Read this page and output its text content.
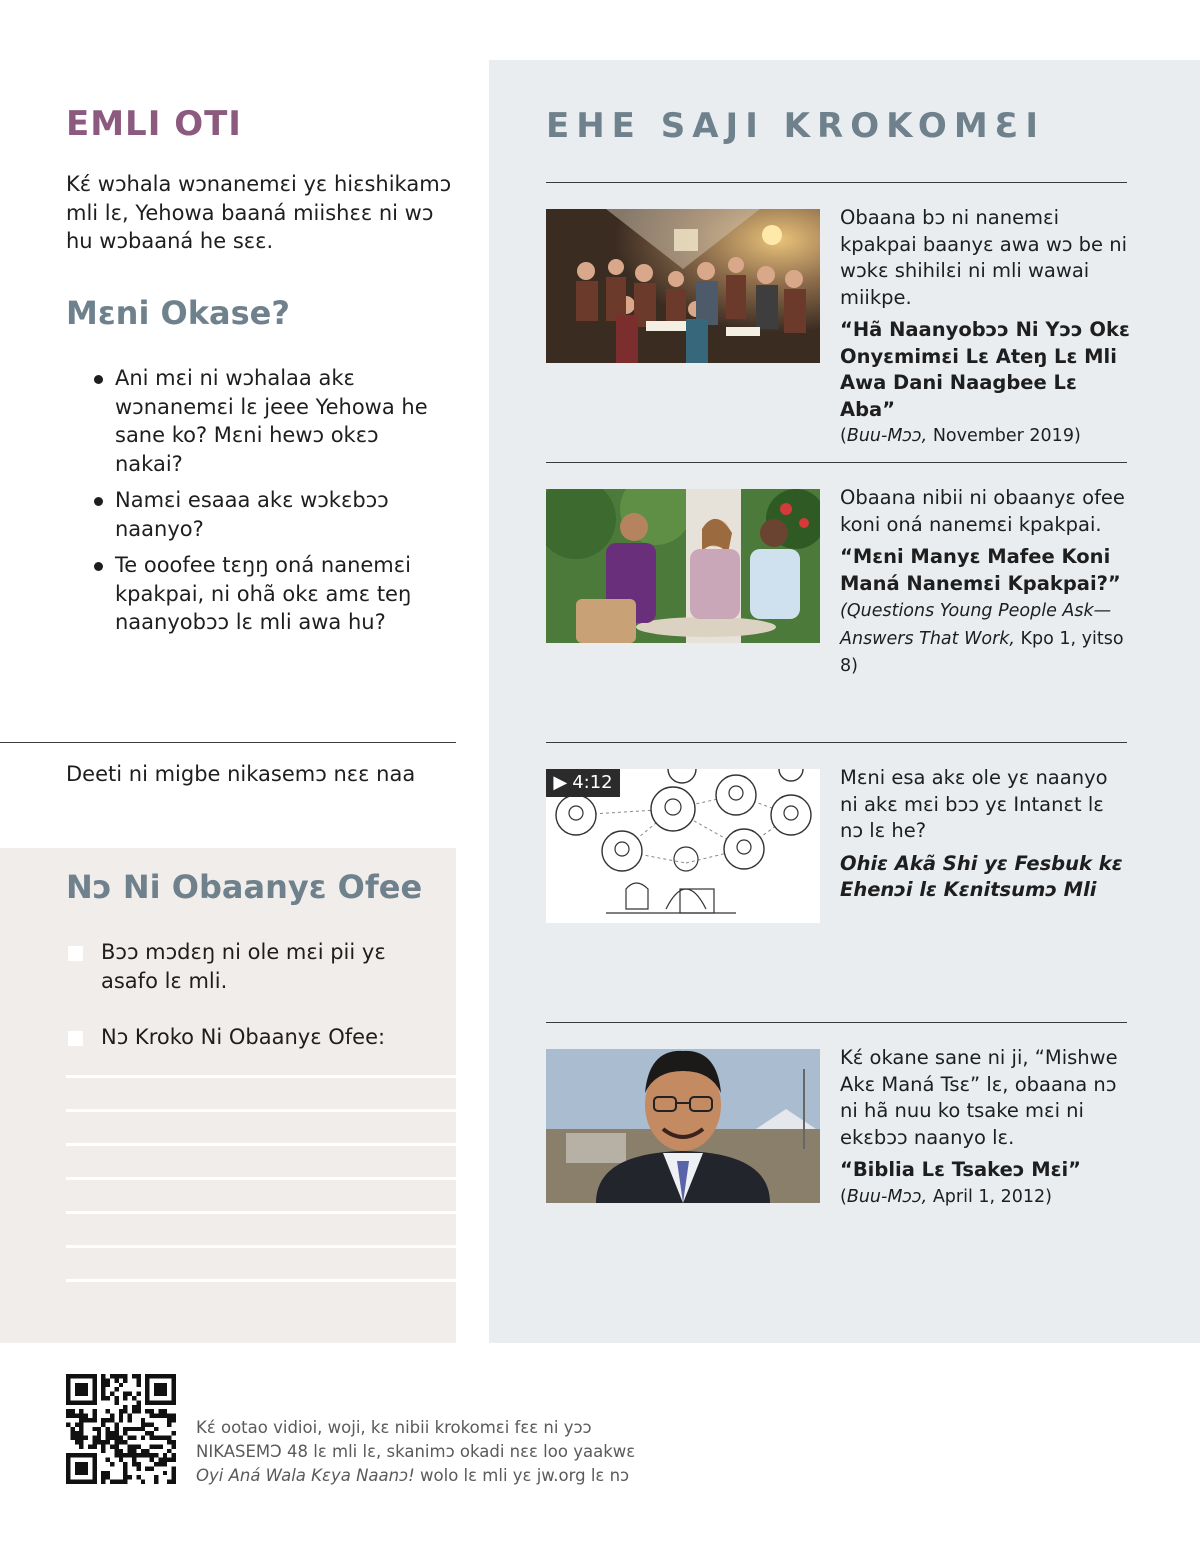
EMLI OTI

Kɛ́ wɔhala wɔnanemɛi yɛ hiɛshikamɔ mli lɛ, Yehowa baaná miishɛɛ ni wɔ hu wɔbaaná he sɛɛ.

Mɛni Okase?
Ani mɛi ni wɔhalaa akɛ wɔnanemɛi lɛ jeee Yehowa he sane ko? Mɛni hewɔ okɛɔ nakai?
Namɛi esaaa akɛ wɔkɛbɔɔ naanyo?
Te ooofee tɛŋŋ oná nanemɛi kpakpai, ni ohã okɛ amɛ teŋ naanyobɔɔ lɛ mli awa hu?

Deeti ni migbe nikasemɔ nɛɛ naa

Nɔ Ni Obaanyɛ Ofee
Bɔɔ mɔdɛŋ ni ole mɛi pii yɛ asafo lɛ mli.
Nɔ Kroko Ni Obaanyɛ Ofee:
EHE SAJI KROKOMƐI

Obaana bɔ ni nanemɛi kpakpai baanyɛ awa wɔ be ni wɔkɛ shihilɛi ni mli wawai miikpe.

“Hã Naanyobɔɔ Ni Yɔɔ Okɛ Onyɛmimɛi Lɛ Ateŋ Lɛ Mli Awa Dani Naagbee Lɛ Aba”

(Buu-Mɔɔ, November 2019)

Obaana nibii ni obaanyɛ ofee koni oná nanemɛi kpakpai.

“Mɛni Manyɛ Mafee Koni Maná Nanemɛi Kpakpai?” (Questions Young People Ask—Answers That Work, Kpo 1, yitso 8)

▶ 4:12	Mɛni esa akɛ ole yɛ naanyo ni akɛ mɛi bɔɔ yɛ Intanɛt lɛ nɔ lɛ he?

Ohiɛ Akã Shi yɛ Fesbuk kɛ Ehenɔi lɛ Kɛnitsumɔ Mli

Kɛ́ okane sane ni ji, “Mishwe Akɛ Maná Tsɛ” lɛ, obaana nɔ ni hã nuu ko tsake mɛi ni ekɛbɔɔ naanyo lɛ.

“Biblia Lɛ Tsakeɔ Mɛi”

(Buu-Mɔɔ, April 1, 2012)

Kɛ́ ootao vidioi, woji, kɛ nibii krokomɛi fɛɛ ni yɔɔ
NIKASEMƆ 48 lɛ mli lɛ, skanimɔ okadi nɛɛ loo yaakwɛ
Oyi Aná Wala Kɛya Naanɔ! wolo lɛ mli yɛ jw.org lɛ nɔ
